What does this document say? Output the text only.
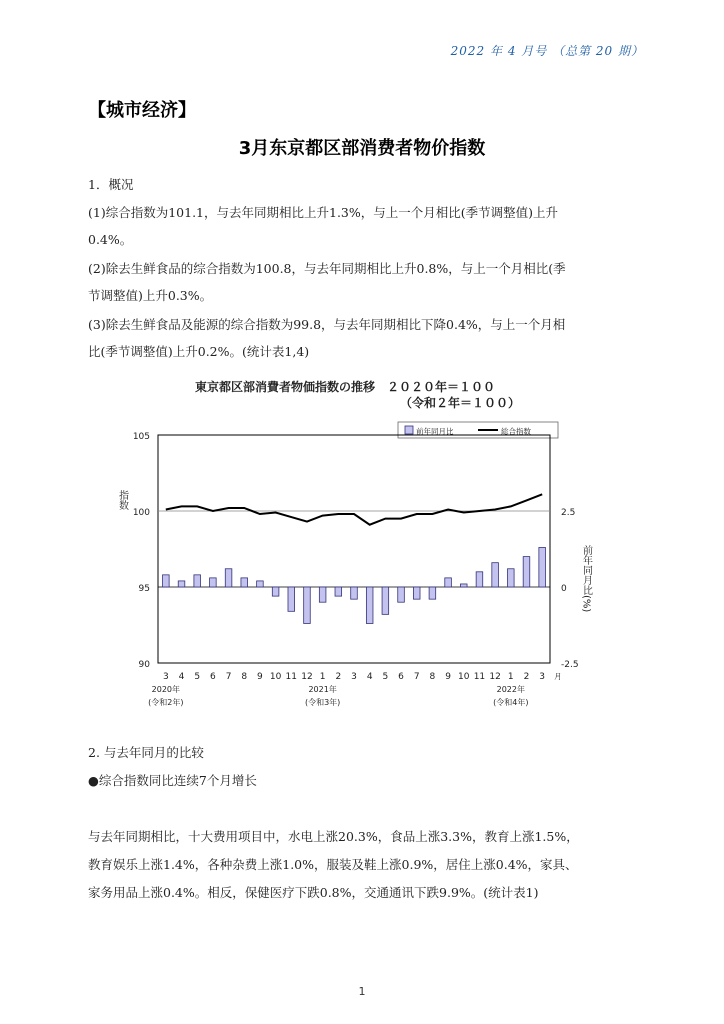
2022 年 4 月号 （总第 20 期）
【城市经济】
3月东京都区部消费者物价指数
1．概况
(1)综合指数为101.1，与去年同期相比上升1.3%，与上一个月相比(季节调整值)上升
0.4%。
(2)除去生鲜食品的综合指数为100.8，与去年同期相比上升0.8%，与上一个月相比(季
节调整值)上升0.3%。
(3)除去生鲜食品及能源的综合指数为99.8，与去年同期相比下降0.4%，与上一个月相
比(季节调整值)上升0.2%。(统计表1,4)
東京都区部消費者物価指数の推移　２０２０年＝１００
（令和２年＝１００）
前年同月比	総合指数
105
100
95
90
2.5
0
-2.5
指数
前年同月比(%)
3 4 5 6 7 8 9 10 11 12 1 2 3 4 5 6 7 8 9 10 11 12 1 2 3 月
2020年
(令和2年)
2021年
(令和3年)
2022年
(令和4年)
2. 与去年同月的比较
●综合指数同比连续7个月增长
与去年同期相比，十大费用项目中，水电上涨20.3%，食品上涨3.3%，教育上涨1.5%，
教育娱乐上涨1.4%，各种杂费上涨1.0%，服装及鞋上涨0.9%，居住上涨0.4%，家具、
家务用品上涨0.4%。相反，保健医疗下跌0.8%，交通通讯下跌9.9%。(统计表1)
1
